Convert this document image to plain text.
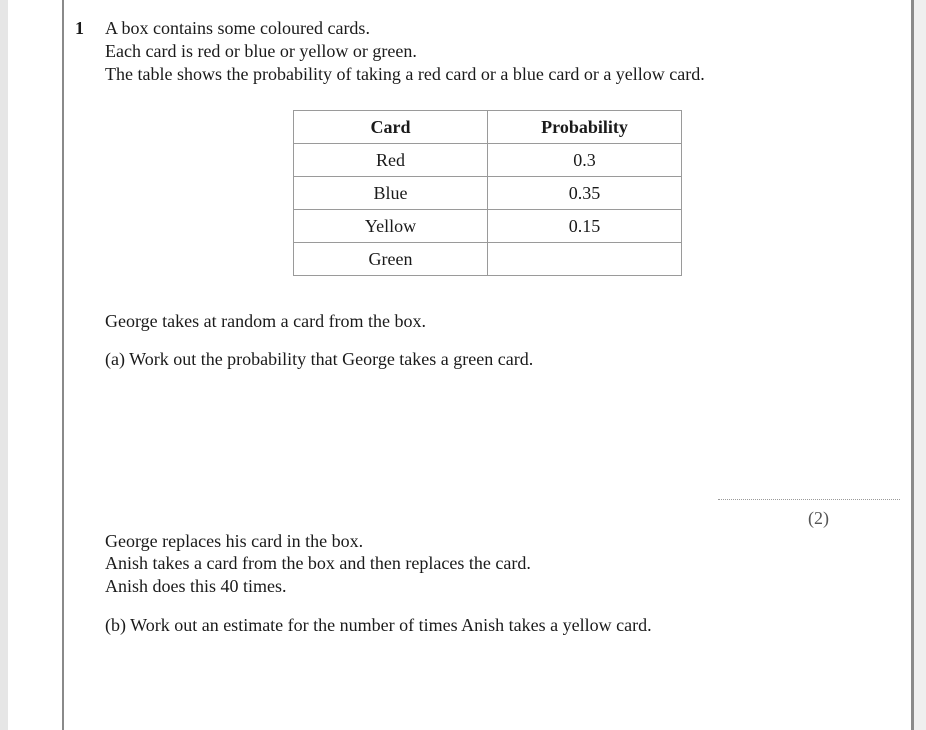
1 A box contains some coloured cards.
Each card is red or blue or yellow or green.
The table shows the probability of taking a red card or a blue card or a yellow card.
Card	Probability
Red	0.3
Blue	0.35
Yellow	0.15
Green	
George takes at random a card from the box.
(a) Work out the probability that George takes a green card.
(2)
George replaces his card in the box.
Anish takes a card from the box and then replaces the card.
Anish does this 40 times.
(b) Work out an estimate for the number of times Anish takes a yellow card.
